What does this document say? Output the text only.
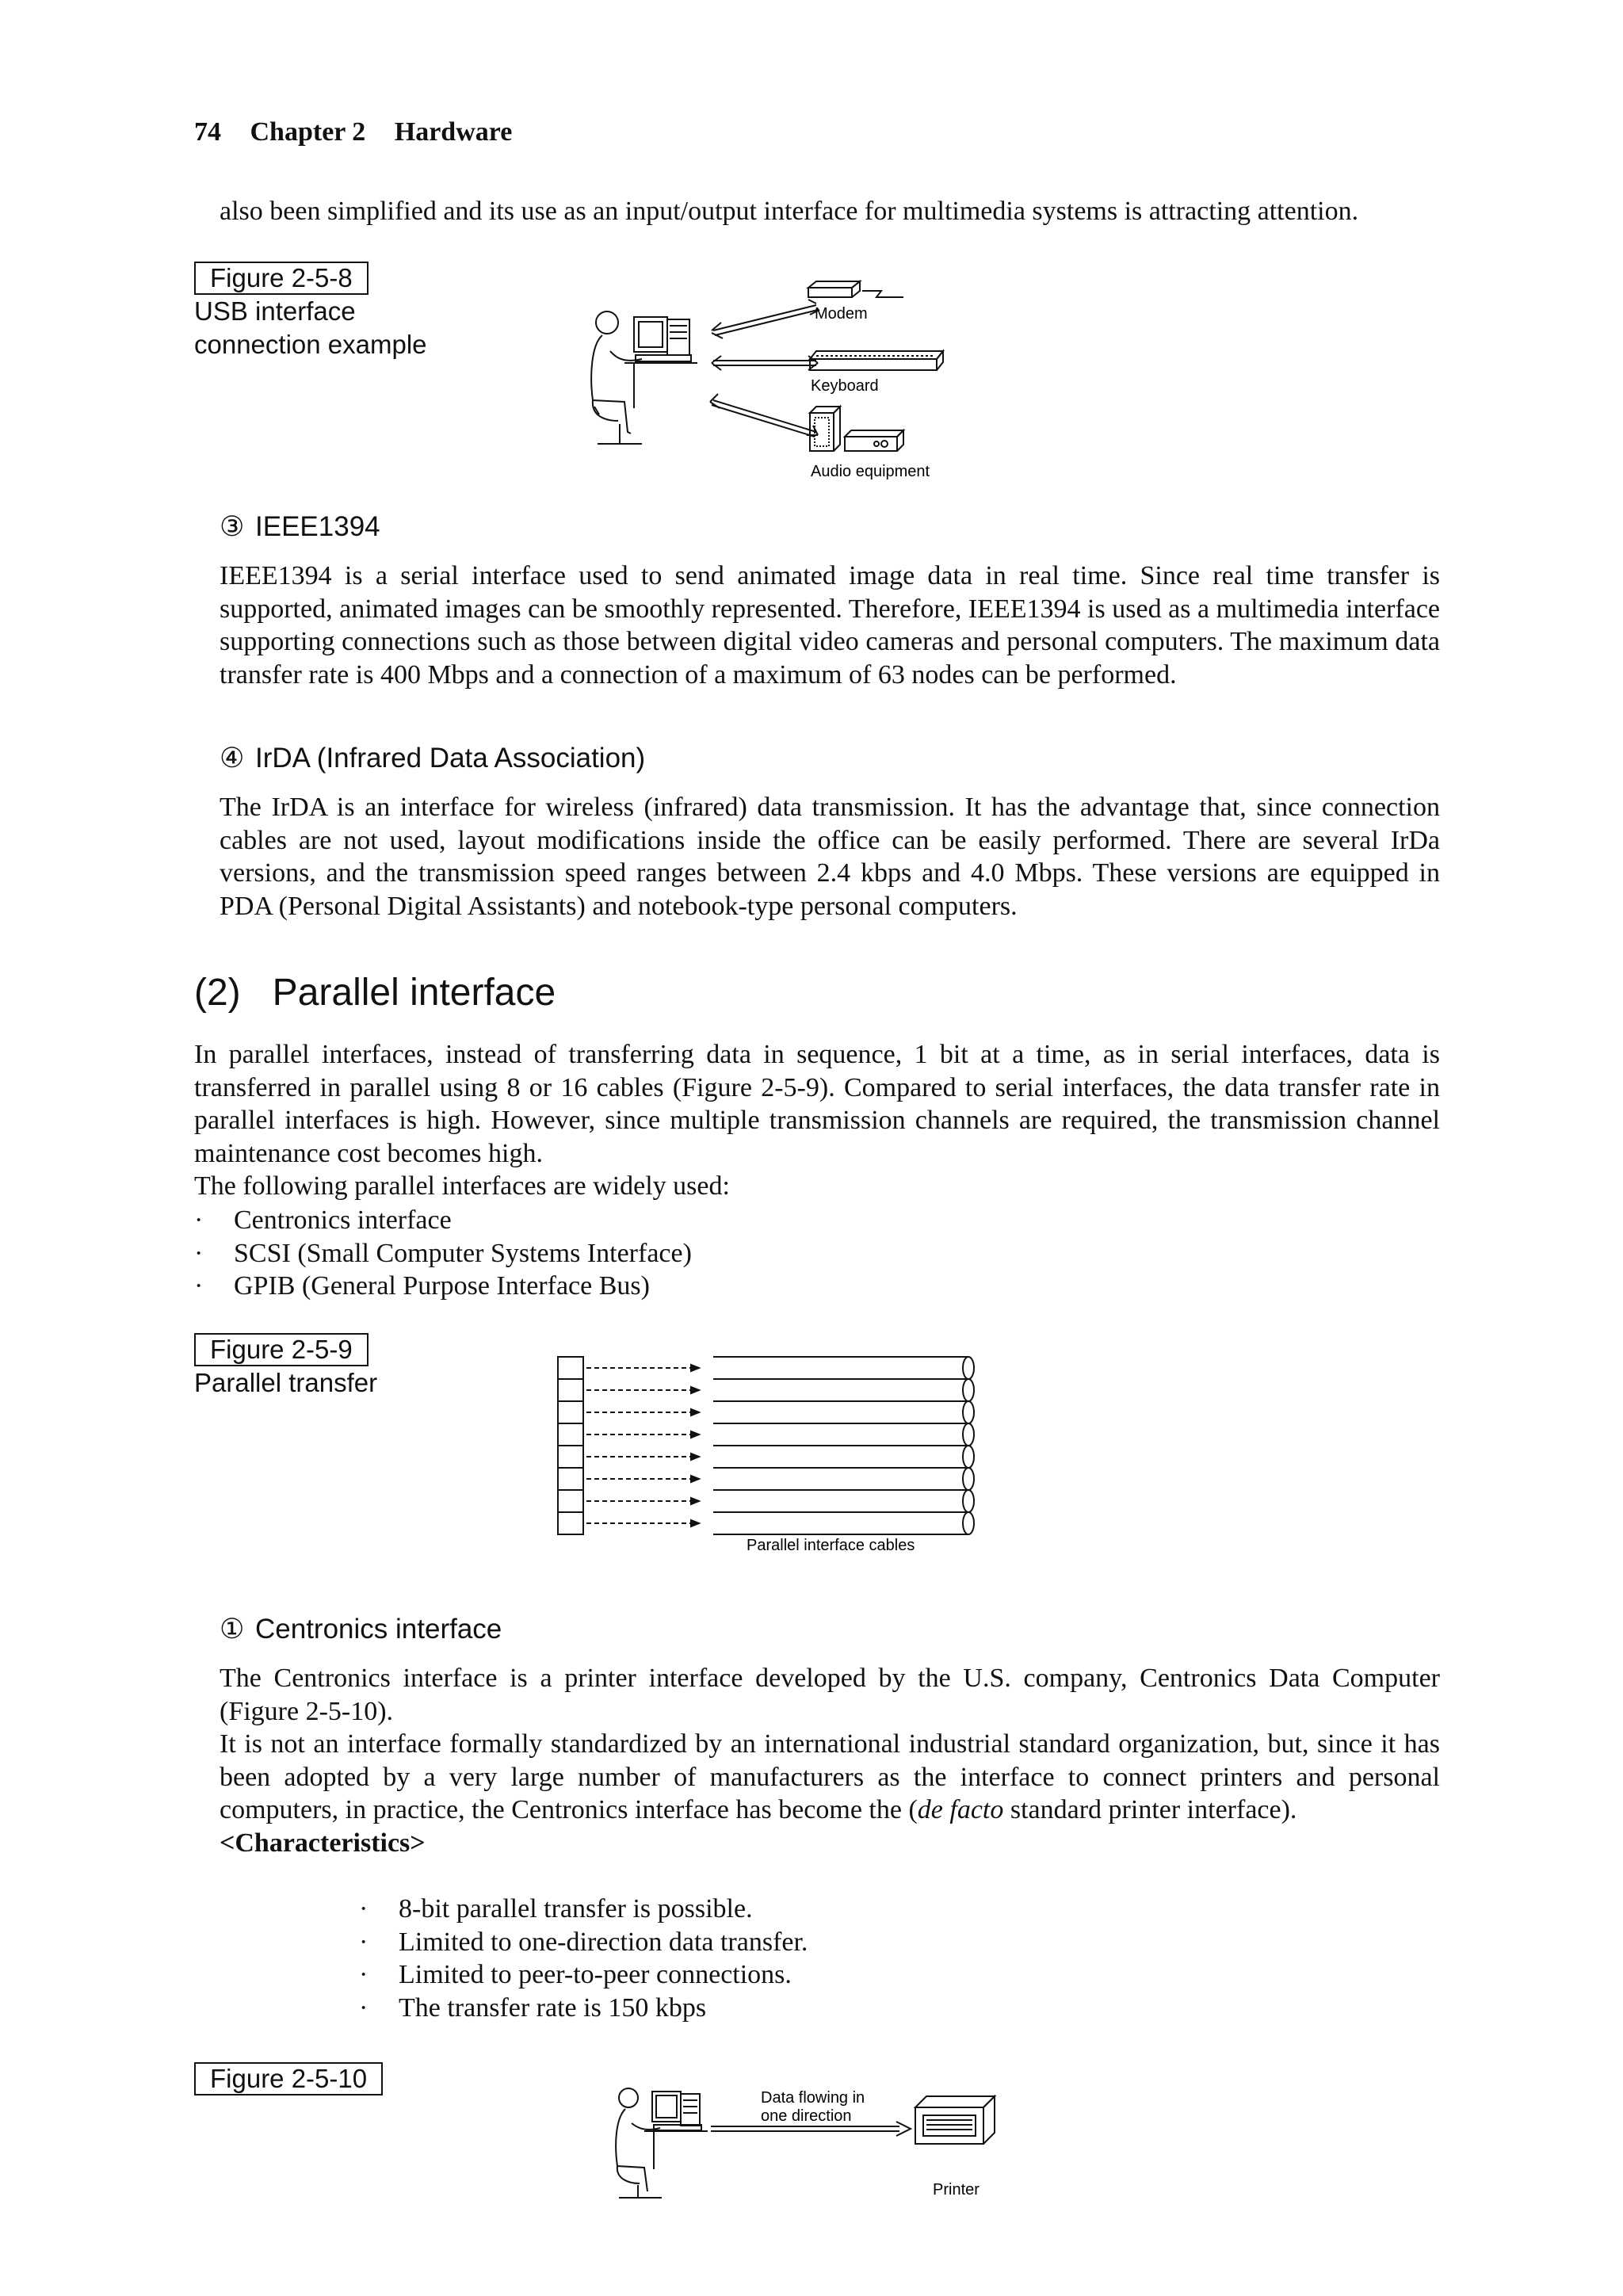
74 Chapter 2 Hardware

also been simplified and its use as an input/output interface for multimedia systems is attracting attention.

Figure 2-5-8
USB interface
connection example
Modem
Keyboard
Audio equipment
③ IEEE1394

IEEE1394 is a serial interface used to send animated image data in real time. Since real time transfer is supported, animated images can be smoothly represented. Therefore, IEEE1394 is used as a multimedia interface supporting connections such as those between digital video cameras and personal computers. The maximum data transfer rate is 400 Mbps and a connection of a maximum of 63 nodes can be performed.

④ IrDA (Infrared Data Association)

The IrDA is an interface for wireless (infrared) data transmission. It has the advantage that, since connection cables are not used, layout modifications inside the office can be easily performed. There are several IrDa versions, and the transmission speed ranges between 2.4 kbps and 4.0 Mbps. These versions are equipped in PDA (Personal Digital Assistants) and notebook-type personal computers.

(2) Parallel interface

In parallel interfaces, instead of transferring data in sequence, 1 bit at a time, as in serial interfaces, data is transferred in parallel using 8 or 16 cables (Figure 2-5-9). Compared to serial interfaces, the data transfer rate in parallel interfaces is high. However, since multiple transmission channels are required, the transmission channel maintenance cost becomes high.

The following parallel interfaces are widely used:

· Centronics interface
· SCSI (Small Computer Systems Interface)
· GPIB (General Purpose Interface Bus)
Figure 2-5-9
Parallel transfer
Parallel interface cables
① Centronics interface

The Centronics interface is a printer interface developed by the U.S. company, Centronics Data Computer (Figure 2-5-10).

It is not an interface formally standardized by an international industrial standard organization, but, since it has been adopted by a very large number of manufacturers as the interface to connect printers and personal computers, in practice, the Centronics interface has become the (de facto standard printer interface).

<Characteristics>

· 8-bit parallel transfer is possible.
· Limited to one-direction data transfer.
· Limited to peer-to-peer connections.
· The transfer rate is 150 kbps
Figure 2-5-10
Data flowing in
one direction
Printer
